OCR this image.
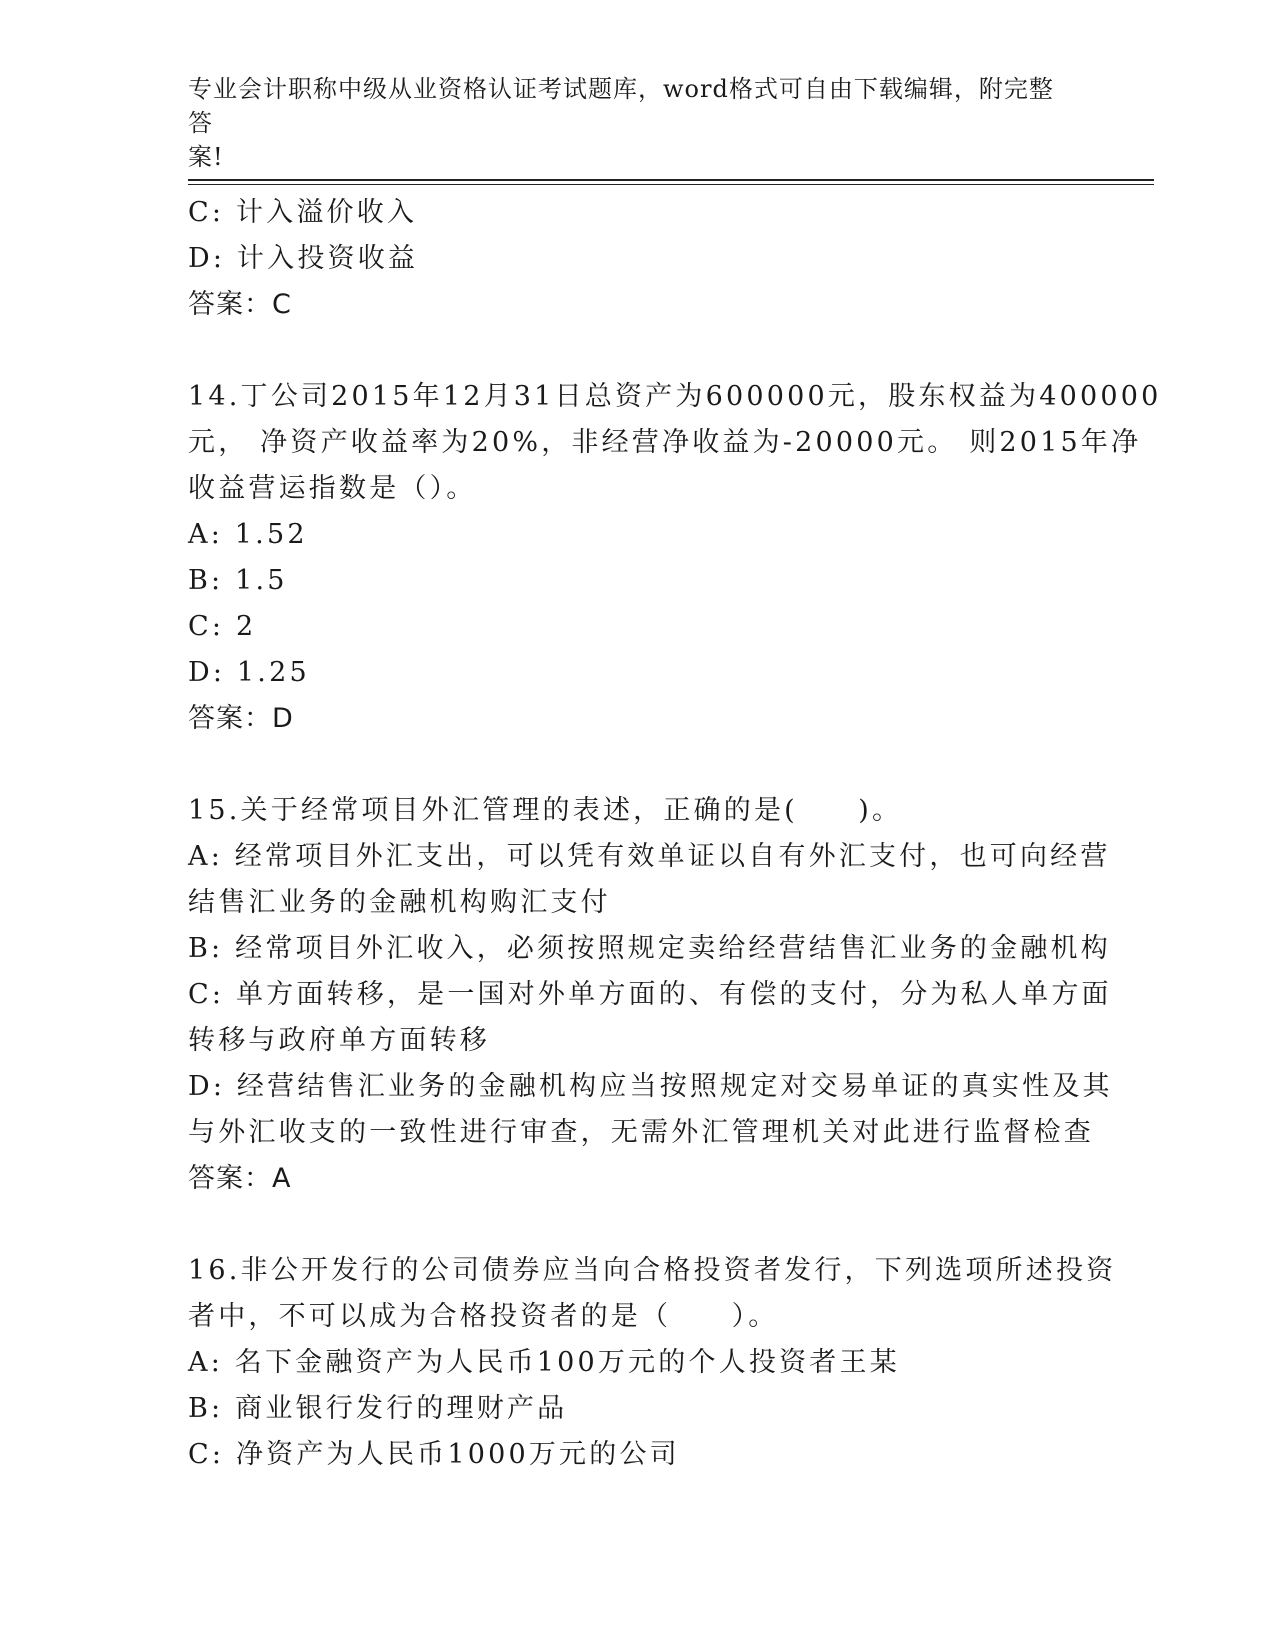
专业会计职称中级从业资格认证考试题库，word格式可自由下载编辑，附完整答
案!
C: 计入溢价收入
D: 计入投资收益
答案：C
14.丁公司2015年12月31日总资产为600000元，股东权益为400000
元， 净资产收益率为20%，非经营净收益为-20000元。 则2015年净
收益营运指数是（）。
A: 1.52
B: 1.5
C: 2
D: 1.25
答案：D
15.关于经常项目外汇管理的表述，正确的是(　　)。
A: 经常项目外汇支出，可以凭有效单证以自有外汇支付，也可向经营
结售汇业务的金融机构购汇支付
B: 经常项目外汇收入，必须按照规定卖给经营结售汇业务的金融机构
C: 单方面转移，是一国对外单方面的、有偿的支付，分为私人单方面
转移与政府单方面转移
D: 经营结售汇业务的金融机构应当按照规定对交易单证的真实性及其
与外汇收支的一致性进行审查，无需外汇管理机关对此进行监督检查
答案：A
16.非公开发行的公司债券应当向合格投资者发行，下列选项所述投资
者中，不可以成为合格投资者的是（　　）。
A: 名下金融资产为人民币100万元的个人投资者王某
B: 商业银行发行的理财产品
C: 净资产为人民币1000万元的公司
